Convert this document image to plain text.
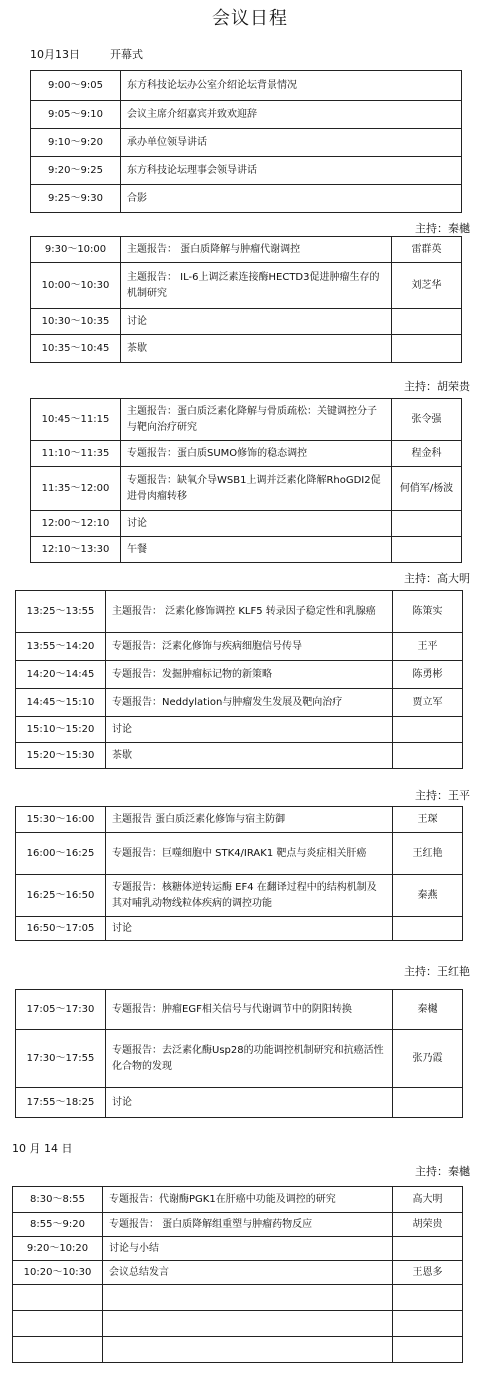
会议日程
10月13日	开幕式
9:00～9:05	东方科技论坛办公室介绍论坛背景情况
9:05～9:10	会议主席介绍嘉宾并致欢迎辞
9:10～9:20	承办单位领导讲话
9:20～9:25	东方科技论坛理事会领导讲话
9:25～9:30	合影
主持：秦樾
9:30～10:00	主题报告： 蛋白质降解与肿瘤代谢调控	雷群英
10:00～10:30	主题报告： IL-6上调泛素连接酶HECTD3促进肿瘤生存的机制研究	刘芝华
10:30～10:35	讨论	
10:35～10:45	茶歇	
主持：胡荣贵
10:45～11:15	主题报告：蛋白质泛素化降解与骨质疏松：关键调控分子与靶向治疗研究	张令强
11:10～11:35	专题报告：蛋白质SUMO修饰的稳态调控	程金科
11:35～12:00	专题报告：缺氧介导WSB1上调并泛素化降解RhoGDI2促进骨肉瘤转移	何俏军/杨波
12:00～12:10	讨论	
12:10～13:30	午餐	
主持：高大明
13:25～13:55	主题报告： 泛素化修饰调控 KLF5 转录因子稳定性和乳腺癌	陈策实
13:55～14:20	专题报告：泛素化修饰与疾病细胞信号传导	王平
14:20～14:45	专题报告：发掘肿瘤标记物的新策略	陈勇彬
14:45～15:10	专题报告：Neddylation与肿瘤发生发展及靶向治疗	贾立军
15:10～15:20	讨论	
15:20～15:30	茶歇	
主持：王平
15:30～16:00	主题报告 蛋白质泛素化修饰与宿主防御	王琛
16:00～16:25	专题报告：巨噬细胞中 STK4/IRAK1 靶点与炎症相关肝癌	王红艳
16:25～16:50	专题报告：核糖体逆转运酶 EF4 在翻译过程中的结构机制及其对哺乳动物线粒体疾病的调控功能	秦燕
16:50～17:05	讨论	
主持：王红艳
17:05～17:30	专题报告：肿瘤EGF相关信号与代谢调节中的阴阳转换	秦樾
17:30～17:55	专题报告：去泛素化酶Usp28的功能调控机制研究和抗癌活性化合物的发现	张乃霞
17:55～18:25	讨论	
10 月 14 日
主持：秦樾
8:30～8:55	专题报告：代谢酶PGK1在肝癌中功能及调控的研究	高大明
8:55～9:20	专题报告： 蛋白质降解组重塑与肿瘤药物反应	胡荣贵
9:20～10:20	讨论与小结	
10:20～10:30	会议总结发言	王恩多
